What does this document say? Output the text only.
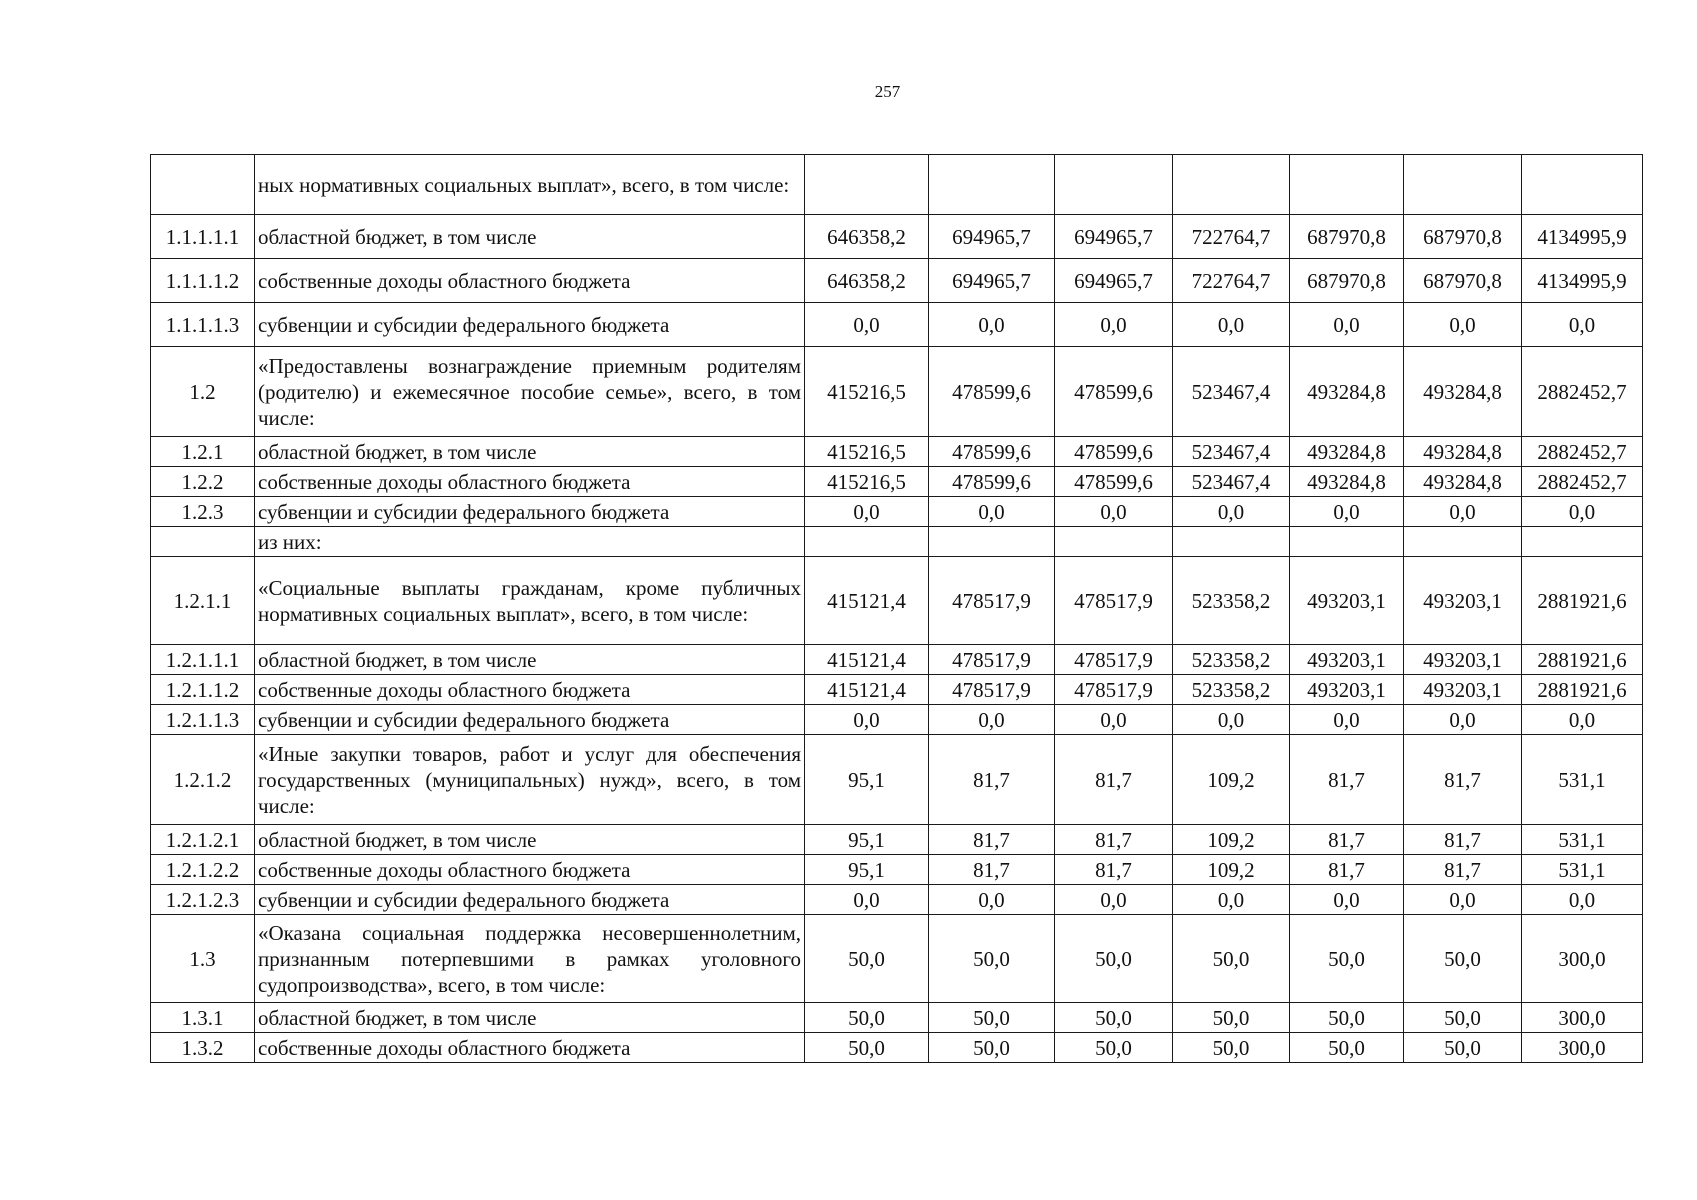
257
	ных нормативных социальных выплат», всего, в том числе:							
1.1.1.1.1	областной бюджет, в том числе	646358,2	694965,7	694965,7	722764,7	687970,8	687970,8	4134995,9
1.1.1.1.2	собственные доходы областного бюджета	646358,2	694965,7	694965,7	722764,7	687970,8	687970,8	4134995,9
1.1.1.1.3	субвенции и субсидии федерального бюджета	0,0	0,0	0,0	0,0	0,0	0,0	0,0
1.2	«Предоставлены вознаграждение приемным родителям (родителю) и ежемесячное пособие семье», всего, в том числе:	415216,5	478599,6	478599,6	523467,4	493284,8	493284,8	2882452,7
1.2.1	областной бюджет, в том числе	415216,5	478599,6	478599,6	523467,4	493284,8	493284,8	2882452,7
1.2.2	собственные доходы областного бюджета	415216,5	478599,6	478599,6	523467,4	493284,8	493284,8	2882452,7
1.2.3	субвенции и субсидии федерального бюджета	0,0	0,0	0,0	0,0	0,0	0,0	0,0
	из них:							
1.2.1.1	«Социальные выплаты гражданам, кроме публичных нормативных социальных выплат», всего, в том числе:	415121,4	478517,9	478517,9	523358,2	493203,1	493203,1	2881921,6
1.2.1.1.1	областной бюджет, в том числе	415121,4	478517,9	478517,9	523358,2	493203,1	493203,1	2881921,6
1.2.1.1.2	собственные доходы областного бюджета	415121,4	478517,9	478517,9	523358,2	493203,1	493203,1	2881921,6
1.2.1.1.3	субвенции и субсидии федерального бюджета	0,0	0,0	0,0	0,0	0,0	0,0	0,0
1.2.1.2	«Иные закупки товаров, работ и услуг для обеспечения государственных (муниципальных) нужд», всего, в том числе:	95,1	81,7	81,7	109,2	81,7	81,7	531,1
1.2.1.2.1	областной бюджет, в том числе	95,1	81,7	81,7	109,2	81,7	81,7	531,1
1.2.1.2.2	собственные доходы областного бюджета	95,1	81,7	81,7	109,2	81,7	81,7	531,1
1.2.1.2.3	субвенции и субсидии федерального бюджета	0,0	0,0	0,0	0,0	0,0	0,0	0,0
1.3	«Оказана социальная поддержка несовершеннолетним, признанным потерпевшими в рамках уголовного судопроизводства», всего, в том числе:	50,0	50,0	50,0	50,0	50,0	50,0	300,0
1.3.1	областной бюджет, в том числе	50,0	50,0	50,0	50,0	50,0	50,0	300,0
1.3.2	собственные доходы областного бюджета	50,0	50,0	50,0	50,0	50,0	50,0	300,0
